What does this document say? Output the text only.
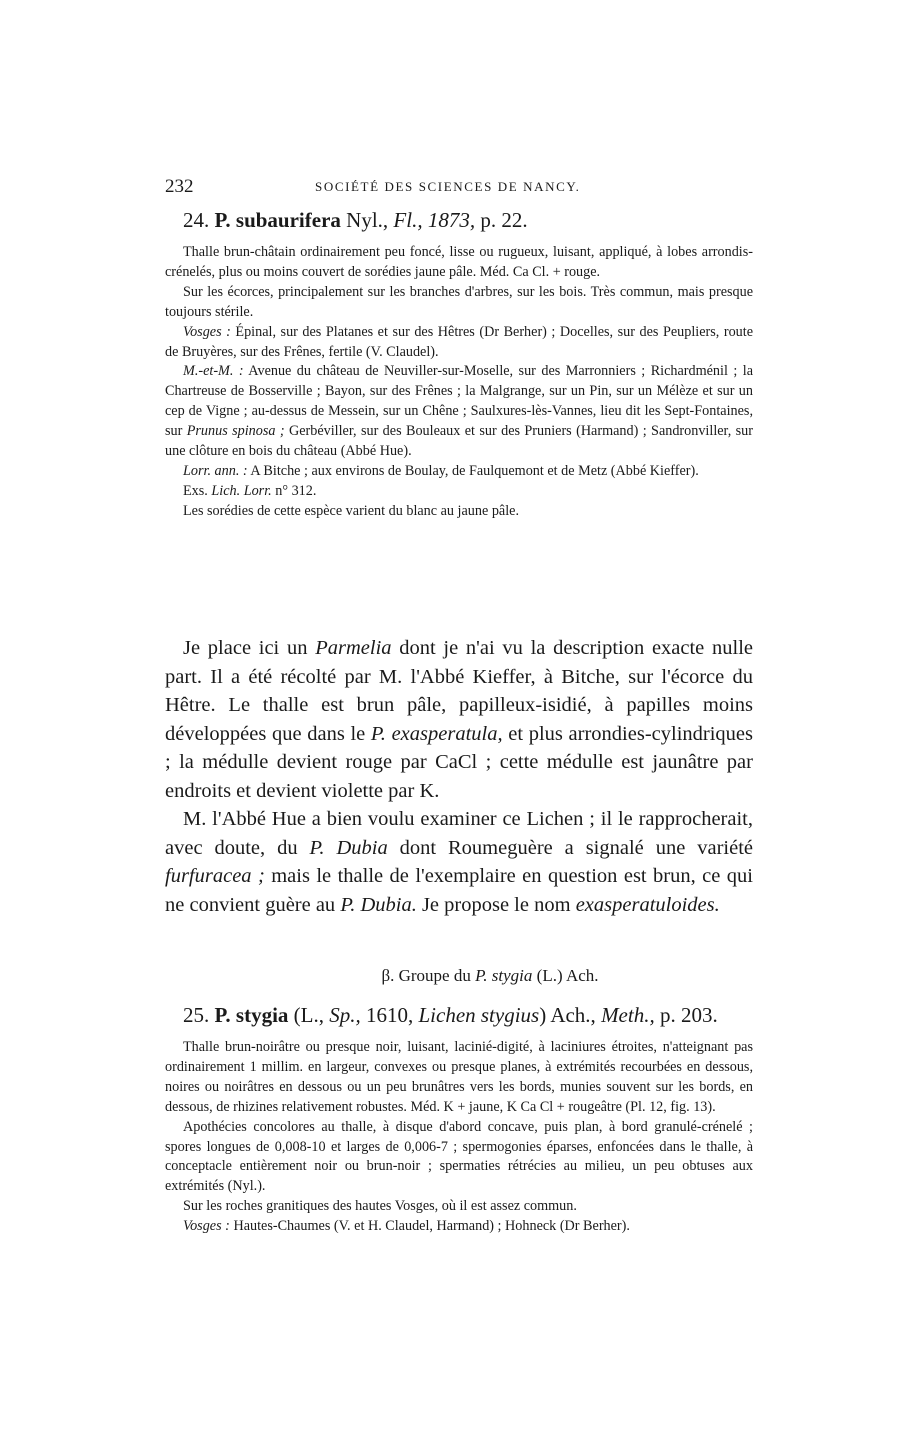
232	SOCIÉTÉ DES SCIENCES DE NANCY.
24. P. subaurifera Nyl., Fl., 1873, p. 22.

Thalle brun-châtain ordinairement peu foncé, lisse ou rugueux, luisant, appliqué, à lobes arrondis-crénelés, plus ou moins couvert de sorédies jaune pâle. Méd. Ca Cl. + rouge.

Sur les écorces, principalement sur les branches d'arbres, sur les bois. Très commun, mais presque toujours stérile.

Vosges : Épinal, sur des Platanes et sur des Hêtres (Dr Berher) ; Docelles, sur des Peupliers, route de Bruyères, sur des Frênes, fertile (V. Claudel).

M.-et-M. : Avenue du château de Neuviller-sur-Moselle, sur des Marronniers ; Richardménil ; la Chartreuse de Bosserville ; Bayon, sur des Frênes ; la Malgrange, sur un Pin, sur un Mélèze et sur un cep de Vigne ; au-dessus de Messein, sur un Chêne ; Saulxures-lès-Vannes, lieu dit les Sept-Fontaines, sur Prunus spinosa ; Gerbéviller, sur des Bouleaux et sur des Pruniers (Harmand) ; Sandronviller, sur une clôture en bois du château (Abbé Hue).

Lorr. ann. : A Bitche ; aux environs de Boulay, de Faulquemont et de Metz (Abbé Kieffer).

Exs. Lich. Lorr. n° 312.

Les sorédies de cette espèce varient du blanc au jaune pâle.

Je place ici un Parmelia dont je n'ai vu la description exacte nulle part. Il a été récolté par M. l'Abbé Kieffer, à Bitche, sur l'écorce du Hêtre. Le thalle est brun pâle, papilleux-isidié, à papilles moins développées que dans le P. exasperatula, et plus arrondies-cylindriques ; la médulle devient rouge par CaCl ; cette médulle est jaunâtre par endroits et devient violette par K.

M. l'Abbé Hue a bien voulu examiner ce Lichen ; il le rapprocherait, avec doute, du P. Dubia dont Roumeguère a signalé une variété furfuracea ; mais le thalle de l'exemplaire en question est brun, ce qui ne convient guère au P. Dubia. Je propose le nom exasperatuloides.

β. Groupe du P. stygia (L.) Ach.
25. P. stygia (L., Sp., 1610, Lichen stygius) Ach., Meth., p. 203.

Thalle brun-noirâtre ou presque noir, luisant, lacinié-digité, à laciniures étroites, n'atteignant pas ordinairement 1 millim. en largeur, convexes ou presque planes, à extrémités recourbées en dessous, noires ou noirâtres en dessous ou un peu brunâtres vers les bords, munies souvent sur les bords, en dessous, de rhizines relativement robustes. Méd. K + jaune, K Ca Cl + rougeâtre (Pl. 12, fig. 13).

Apothécies concolores au thalle, à disque d'abord concave, puis plan, à bord granulé-crénelé ; spores longues de 0,008-10 et larges de 0,006-7 ; spermogonies éparses, enfoncées dans le thalle, à conceptacle entièrement noir ou brun-noir ; spermaties rétrécies au milieu, un peu obtuses aux extrémités (Nyl.).

Sur les roches granitiques des hautes Vosges, où il est assez commun.

Vosges : Hautes-Chaumes (V. et H. Claudel, Harmand) ; Hohneck (Dr Berher).
